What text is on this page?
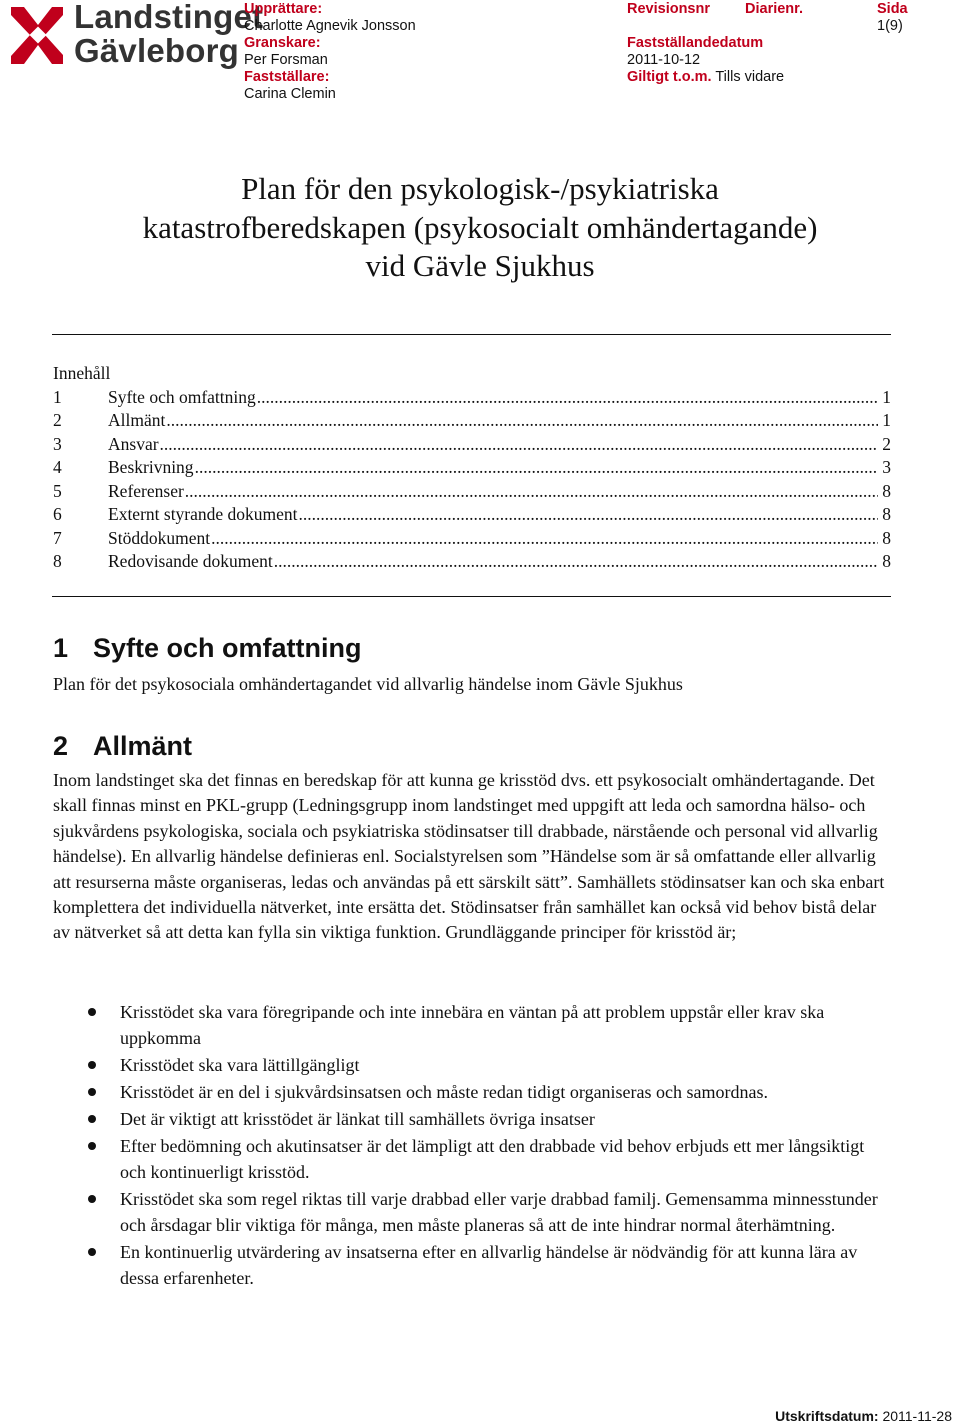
Landstinget
Gävleborg
Upprättare:
Charlotte Agnevik Jonsson
Granskare:
Per Forsman
Fastställare:
Carina Clemin
Revisionsnr

Fastställandedatum
2011-10-12
Giltigt t.o.m. Tills vidare
Diarienr.	Sida
1(9)
Plan för den psykologisk-/psykiatriska
katastrofberedskapen (psykosocialt omhändertagande)
vid Gävle Sjukhus
Innehåll
1	Syfte och omfattning .....	1
2	Allmänt .....	1
3	Ansvar .....	2
4	Beskrivning .....	3
5	Referenser .....	8
6	Externt styrande dokument .....	8
7	Stöddokument .....	8
8	Redovisande dokument .....	8
1 Syfte och omfattning
Plan för det psykosociala omhändertagandet vid allvarlig händelse inom Gävle Sjukhus
2 Allmänt
Inom landstinget ska det finnas en beredskap för att kunna ge krisstöd dvs. ett psykosocialt omhändertagande. Det skall finnas minst en PKL-grupp (Ledningsgrupp inom landstinget med uppgift att leda och samordna hälso- och sjukvårdens psykologiska, sociala och psykiatriska stödinsatser till drabbade, närstående och personal vid allvarlig händelse). En allvarlig händelse definieras enl. Socialstyrelsen som ”Händelse som är så omfattande eller allvarlig att resurserna måste organiseras, ledas och användas på ett särskilt sätt”. Samhällets stödinsatser kan och ska enbart komplettera det individuella nätverket, inte ersätta det. Stödinsatser från samhället kan också vid behov bistå delar av nätverket så att detta kan fylla sin viktiga funktion. Grundläggande principer för krisstöd är;
Krisstödet ska vara föregripande och inte innebära en väntan på att problem uppstår eller krav ska uppkomma
Krisstödet ska vara lättillgängligt
Krisstödet är en del i sjukvårdsinsatsen och måste redan tidigt organiseras och samordnas.
Det är viktigt att krisstödet är länkat till samhällets övriga insatser
Efter bedömning och akutinsatser är det lämpligt att den drabbade vid behov erbjuds ett mer långsiktigt och kontinuerligt krisstöd.
Krisstödet ska som regel riktas till varje drabbad eller varje drabbad familj. Gemensamma minnesstunder och årsdagar blir viktiga för många, men måste planeras så att de inte hindrar normal återhämtning.
En kontinuerlig utvärdering av insatserna efter en allvarlig händelse är nödvändig för att kunna lära av dessa erfarenheter.
Utskriftsdatum: 2011-11-28
